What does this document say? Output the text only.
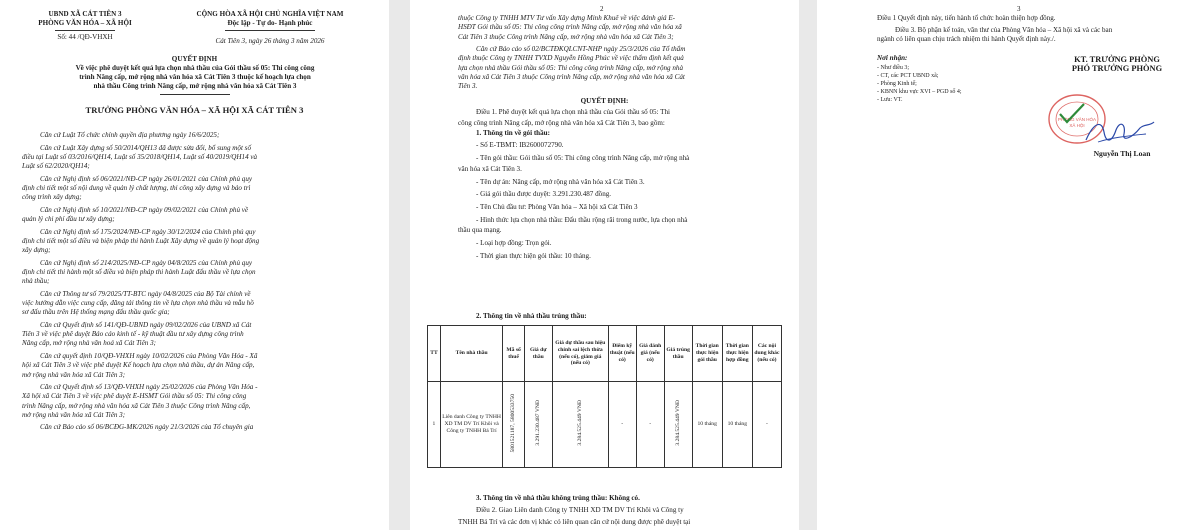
UBND XÃ CÁT TIÊN 3
PHÒNG VĂN HÓA – XÃ HỘI
Số: 44 /QĐ-VHXH
CỘNG HÒA XÃ HỘI CHỦ NGHĨA VIỆT NAM
Độc lập - Tự do- Hạnh phúc
Cát Tiên 3, ngày 26 tháng 3 năm 2026
QUYẾT ĐỊNH
Về việc phê duyệt kết quả lựa chọn nhà thầu của Gói thầu số 05: Thi công công
trình Nâng cấp, mở rộng nhà văn hóa xã Cát Tiên 3 thuộc kế hoạch lựa chọn
nhà thầu Công trình Nâng cấp, mở rộng nhà văn hóa xã Cát Tiên 3
TRƯỞNG PHÒNG VĂN HÓA – XÃ HỘI XÃ CÁT TIÊN 3
Căn cứ Luật Tổ chức chính quyền địa phương ngày 16/6/2025;
Căn cứ Luật Xây dựng số 50/2014/QH13 đã được sửa đổi, bổ sung một số
điều tại Luật số 03/2016/QH14, Luật số 35/2018/QH14, Luật số 40/2019/QH14 và
Luật số 62/2020/QH14;
Căn cứ Nghị định số 06/2021/NĐ-CP ngày 26/01/2021 của Chính phủ quy
định chi tiết một số nội dung về quản lý chất lượng, thi công xây dựng và bảo trì
công trình xây dựng;
Căn cứ Nghị định số 10/2021/NĐ-CP ngày 09/02/2021 của Chính phủ về
quản lý chi phí đầu tư xây dựng;
Căn cứ Nghị định số 175/2024/NĐ-CP ngày 30/12/2024 của Chính phủ quy
định chi tiết một số điều và biện pháp thi hành Luật Xây dựng về quản lý hoạt động
xây dựng;
Căn cứ Nghị định số 214/2025/NĐ-CP ngày 04/8/2025 của Chính phủ quy
định chi tiết thi hành một số điều và biện pháp thi hành Luật đấu thầu về lựa chọn
nhà thầu;
Căn cứ Thông tư số 79/2025/TT-BTC ngày 04/8/2025 của Bộ Tài chính về
việc hướng dẫn việc cung cấp, đăng tải thông tin về lựa chọn nhà thầu và mẫu hồ
sơ đấu thầu trên Hệ thống mạng đấu thầu quốc gia;
Căn cứ Quyết định số 141/QĐ-UBND ngày 09/02/2026 của UBND xã Cát
Tiên 3 về việc phê duyệt Báo cáo kinh tế - kỹ thuật đầu tư xây dựng công trình
Nâng cấp, mở rộng nhà văn hoá xã Cát Tiên 3;
Căn cứ quyết định 10/QĐ-VHXH ngày 10/02/2026 của Phòng Văn Hóa - Xã
hội xã Cát Tiên 3 về việc phê duyệt Kế hoạch lựa chọn nhà thầu, dự án Nâng cấp,
mở rộng nhà văn hóa xã Cát Tiên 3;
Căn cứ Quyết định số 13/QĐ-VHXH ngày 25/02/2026 của Phòng Văn Hóa -
Xã hội xã Cát Tiên 3 về việc phê duyệt E-HSMT Gói thầu số 05: Thi công công
trình Nâng cấp, mở rộng nhà văn hóa xã Cát Tiên 3 thuộc Công trình Nâng cấp,
mở rộng nhà văn hóa xã Cát Tiên 3;
Căn cứ Báo cáo số 06/BCĐG-MK/2026 ngày 21/3/2026 của Tổ chuyên gia
2
thuộc Công ty TNHH MTV Tư vấn Xây dựng Minh Khuê về việc đánh giá E-
HSĐT Gói thầu số 05: Thi công công trình Nâng cấp, mở rộng nhà văn hóa xã
Cát Tiên 3 thuộc Công trình Nâng cấp, mở rộng nhà văn hóa xã Cát Tiên 3;
Căn cứ Báo cáo số 02/BCTĐKQLCNT-NHP ngày 25/3/2026 của Tổ thẩm
định thuộc Công ty TNHH TVXD Nguyễn Hồng Phúc về việc thẩm định kết quả
lựa chọn nhà thầu Gói thầu số 05: Thi công công trình Nâng cấp, mở rộng nhà
văn hóa xã Cát Tiên 3 thuộc Công trình Nâng cấp, mở rộng nhà văn hóa xã Cát
Tiên 3.
QUYẾT ĐỊNH:
Điều 1. Phê duyệt kết quả lựa chọn nhà thầu của Gói thầu số 05: Thi
công công trình Nâng cấp, mở rộng nhà văn hóa xã Cát Tiên 3, bao gồm:
1. Thông tin về gói thầu:
- Số E-TBMT: IB2600072790.
- Tên gói thầu: Gói thầu số 05: Thi công công trình Nâng cấp, mở rộng nhà
văn hóa xã Cát Tiên 3.
- Tên dự án: Nâng cấp, mở rộng nhà văn hóa xã Cát Tiên 3.
- Giá gói thầu được duyệt: 3.291.230.487 đồng.
- Tên Chủ đầu tư: Phòng Văn hóa – Xã hội xã Cát Tiên 3
- Hình thức lựa chọn nhà thầu: Đấu thầu rộng rãi trong nước, lựa chọn nhà
thầu qua mạng.
- Loại hợp đồng: Trọn gói.
- Thời gian thực hiện gói thầu: 10 tháng.
2. Thông tin về nhà thầu trúng thầu:
3. Thông tin về nhà thầu không trúng thầu: Không có.
Điều 2. Giao Liên danh Công ty TNHH XD TM DV Trí Khôi và Công ty
TNHH Bá Trí và các đơn vị khác có liên quan căn cứ nội dung được phê duyệt tại
TT	Tên nhà thầu	Mã số thuế	Giá dự thầu	Giá dự thầu sau hiệu chỉnh sai lệch thừa (nếu có), giảm giá (nếu có)	Điểm kỹ thuật (nếu có)	Giá đánh giá (nếu có)	Giá trúng thầu	Thời gian thực hiện gói thầu	Thời gian thực hiện hợp đồng	Các nội dung khác (nếu có)
1	Liên danh Công ty TNHH XD TM DV Trí Khôi và Công ty TNHH Bá Trí	5801521187, 5800533750	3.291.230.487 VNĐ	3.284.525.449 VNĐ	-	-	3.284.525.449 VNĐ	10 tháng	10 tháng	-
3
Điều 1 Quyết định này, tiến hành tổ chức hoàn thiện hợp đồng.
Điều 3. Bộ phận kế toán, văn thư của Phòng Văn hóa – Xã hội xã và các ban
ngành có liên quan chịu trách nhiệm thi hành Quyết định này./.
Nơi nhận:
- Như điều 3;
- CT, các PCT UBND xã;
- Phòng Kinh tế;
- KBNN khu vực XVI – PGD số 4;
- Lưu: VT.
KT. TRƯỞNG PHÒNG
PHÓ TRƯỞNG PHÒNG
Nguyễn Thị Loan
PHÒNG VĂN HÓA
XÃ HỘI
